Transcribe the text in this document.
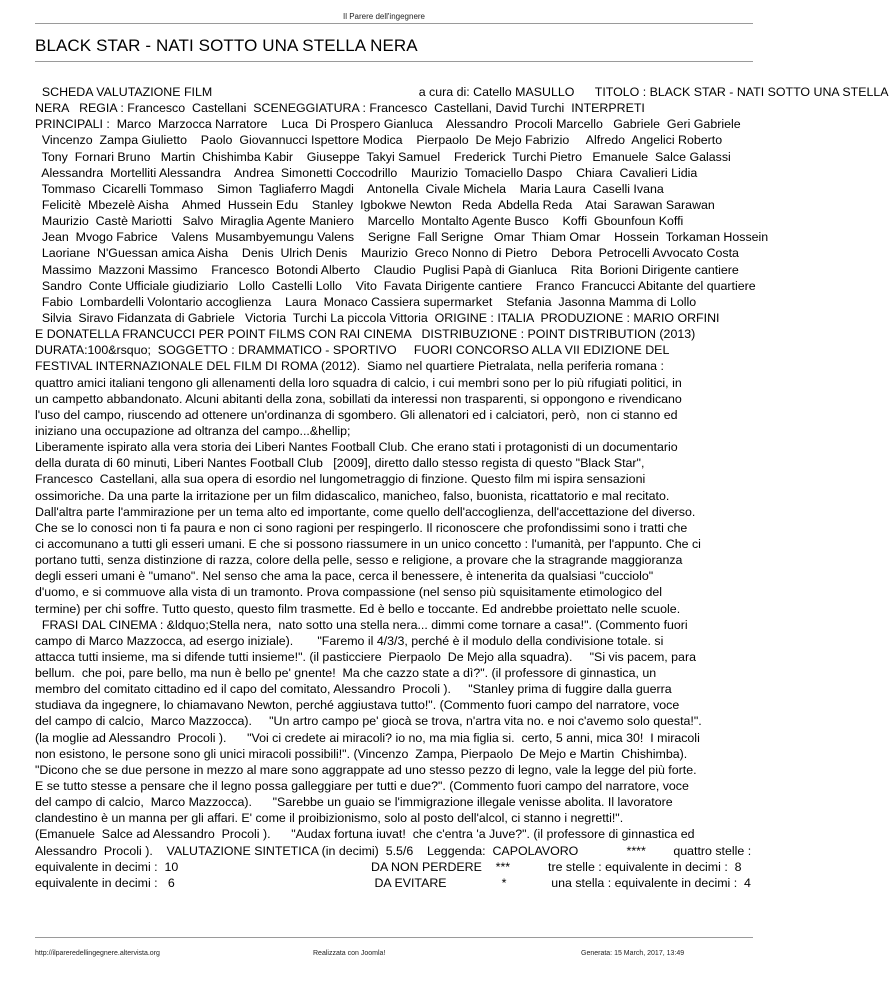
Il Parere dell'ingegnere
BLACK STAR - NATI SOTTO UNA STELLA NERA
SCHEDA VALUTAZIONE FILM                                                            a cura di: Catello MASULLO      TITOLO : BLACK STAR - NATI SOTTO UNA STELLA
NERA   REGIA : Francesco  Castellani  SCENEGGIATURA : Francesco  Castellani, David Turchi  INTERPRETI
PRINCIPALI :  Marco  Marzocca Narratore    Luca  Di Prospero Gianluca    Alessandro  Procoli Marcello   Gabriele  Geri Gabriele
Vincenzo  Zampa Giulietto    Paolo  Giovannucci Ispettore Modica    Pierpaolo  De Mejo Fabrizio     Alfredo  Angelici Roberto
Tony  Fornari Bruno   Martin  Chishimba Kabir    Giuseppe  Takyi Samuel    Frederick  Turchi Pietro   Emanuele  Salce Galassi
Alessandra  Mortelliti Alessandra    Andrea  Simonetti Coccodrillo    Maurizio  Tomaciello Daspo    Chiara  Cavalieri Lidia
Tommaso  Cicarelli Tommaso    Simon  Tagliaferro Magdi    Antonella  Civale Michela    Maria Laura  Caselli Ivana
Felicitè  Mbezelè Aisha    Ahmed  Hussein Edu    Stanley  Igbokwe Newton   Reda  Abdella Reda    Atai  Sarawan Sarawan
Maurizio  Castè Mariotti   Salvo  Miraglia Agente Maniero    Marcello  Montalto Agente Busco    Koffi  Gbounfoun Koffi
Jean  Mvogo Fabrice    Valens  Musambyemungu Valens    Serigne  Fall Serigne   Omar  Thiam Omar    Hossein  Torkaman Hossein
Laoriane  N'Guessan amica Aisha    Denis  Ulrich Denis    Maurizio  Greco Nonno di Pietro    Debora  Petrocelli Avvocato Costa
Massimo  Mazzoni Massimo    Francesco  Botondi Alberto    Claudio  Puglisi Papà di Gianluca    Rita  Borioni Dirigente cantiere
Sandro  Conte Ufficiale giudiziario   Lollo  Castelli Lollo    Vito  Favata Dirigente cantiere    Franco  Francucci Abitante del quartiere
Fabio  Lombardelli Volontario accoglienza    Laura  Monaco Cassiera supermarket    Stefania  Jasonna Mamma di Lollo
Silvia  Siravo Fidanzata di Gabriele   Victoria  Turchi La piccola Vittoria  ORIGINE : ITALIA  PRODUZIONE : MARIO ORFINI
E DONATELLA FRANCUCCI PER POINT FILMS CON RAI CINEMA   DISTRIBUZIONE : POINT DISTRIBUTION (2013)
DURATA:100&rsquo;  SOGGETTO : DRAMMATICO - SPORTIVO     FUORI CONCORSO ALLA VII EDIZIONE DEL
FESTIVAL INTERNAZIONALE DEL FILM DI ROMA (2012).  Siamo nel quartiere Pietralata, nella periferia romana :
quattro amici italiani tengono gli allenamenti della loro squadra di calcio, i cui membri sono per lo più rifugiati politici, in
un campetto abbandonato. Alcuni abitanti della zona, sobillati da interessi non trasparenti, si oppongono e rivendicano
l'uso del campo, riuscendo ad ottenere un'ordinanza di sgombero. Gli allenatori ed i calciatori, però,  non ci stanno ed
iniziano una occupazione ad oltranza del campo...&hellip;
Liberamente ispirato alla vera storia dei Liberi Nantes Football Club. Che erano stati i protagonisti di un documentario
della durata di 60 minuti, Liberi Nantes Football Club   [2009], diretto dallo stesso regista di questo "Black Star",
Francesco  Castellani, alla sua opera di esordio nel lungometraggio di finzione. Questo film mi ispira sensazioni
ossimoriche. Da una parte la irritazione per un film didascalico, manicheo, falso, buonista, ricattatorio e mal recitato.
Dall'altra parte l'ammirazione per un tema alto ed importante, come quello dell'accoglienza, dell'accettazione del diverso.
Che se lo conosci non ti fa paura e non ci sono ragioni per respingerlo. Il riconoscere che profondissimi sono i tratti che
ci accomunano a tutti gli esseri umani. E che si possono riassumere in un unico concetto : l'umanità, per l'appunto. Che ci
portano tutti, senza distinzione di razza, colore della pelle, sesso e religione, a provare che la stragrande maggioranza
degli esseri umani è "umano". Nel senso che ama la pace, cerca il benessere, è intenerita da qualsiasi "cucciolo"
d'uomo, e si commuove alla vista di un tramonto. Prova compassione (nel senso più squisitamente etimologico del
termine) per chi soffre. Tutto questo, questo film trasmette. Ed è bello e toccante. Ed andrebbe proiettato nelle scuole.
FRASI DAL CINEMA : &ldquo;Stella nera,  nato sotto una stella nera... dimmi come tornare a casa!". (Commento fuori
campo di Marco Mazzocca, ad esergo iniziale).       "Faremo il 4/3/3, perché è il modulo della condivisione totale. si
attacca tutti insieme, ma si difende tutti insieme!". (il pasticciere  Pierpaolo  De Mejo alla squadra).     "Si vis pacem, para
bellum.  che poi, pare bello, ma nun è bello pe' gnente!  Ma che cazzo state a dì?". (il professore di ginnastica, un
membro del comitato cittadino ed il capo del comitato, Alessandro  Procoli ).     "Stanley prima di fuggire dalla guerra
studiava da ingegnere, lo chiamavano Newton, perché aggiustava tutto!". (Commento fuori campo del narratore, voce
del campo di calcio,  Marco Mazzocca).     "Un artro campo pe' giocà se trova, n'artra vita no. e noi c'avemo solo questa!".
(la moglie ad Alessandro  Procoli ).      "Voi ci credete ai miracoli? io no, ma mia figlia si.  certo, 5 anni, mica 30!  I miracoli
non esistono, le persone sono gli unici miracoli possibili!". (Vincenzo  Zampa, Pierpaolo  De Mejo e Martin  Chishimba).
"Dicono che se due persone in mezzo al mare sono aggrappate ad uno stesso pezzo di legno, vale la legge del più forte.
E se tutto stesse a pensare che il legno possa galleggiare per tutti e due?". (Commento fuori campo del narratore, voce
del campo di calcio,  Marco Mazzocca).      "Sarebbe un guaio se l'immigrazione illegale venisse abolita. Il lavoratore
clandestino è un manna per gli affari. E' come il proibizionismo, solo al posto dell'alcol, ci stanno i negretti!".
(Emanuele  Salce ad Alessandro  Procoli ).      "Audax fortuna iuvat!  che c'entra 'a Juve?". (il professore di ginnastica ed
Alessandro  Procoli ).    VALUTAZIONE SINTETICA (in decimi)  5.5/6    Leggenda:  CAPOLAVORO              ****        quattro stelle :
equivalente in decimi :  10                                                        DA NON PERDERE    ***           tre stelle : equivalente in decimi :  8
equivalente in decimi :   6                                                          DA EVITARE                *             una stella : equivalente in decimi :  4
http://ilpareredellingegnere.altervista.org	Realizzata con Joomla!	Generata: 15 March, 2017, 13:49
